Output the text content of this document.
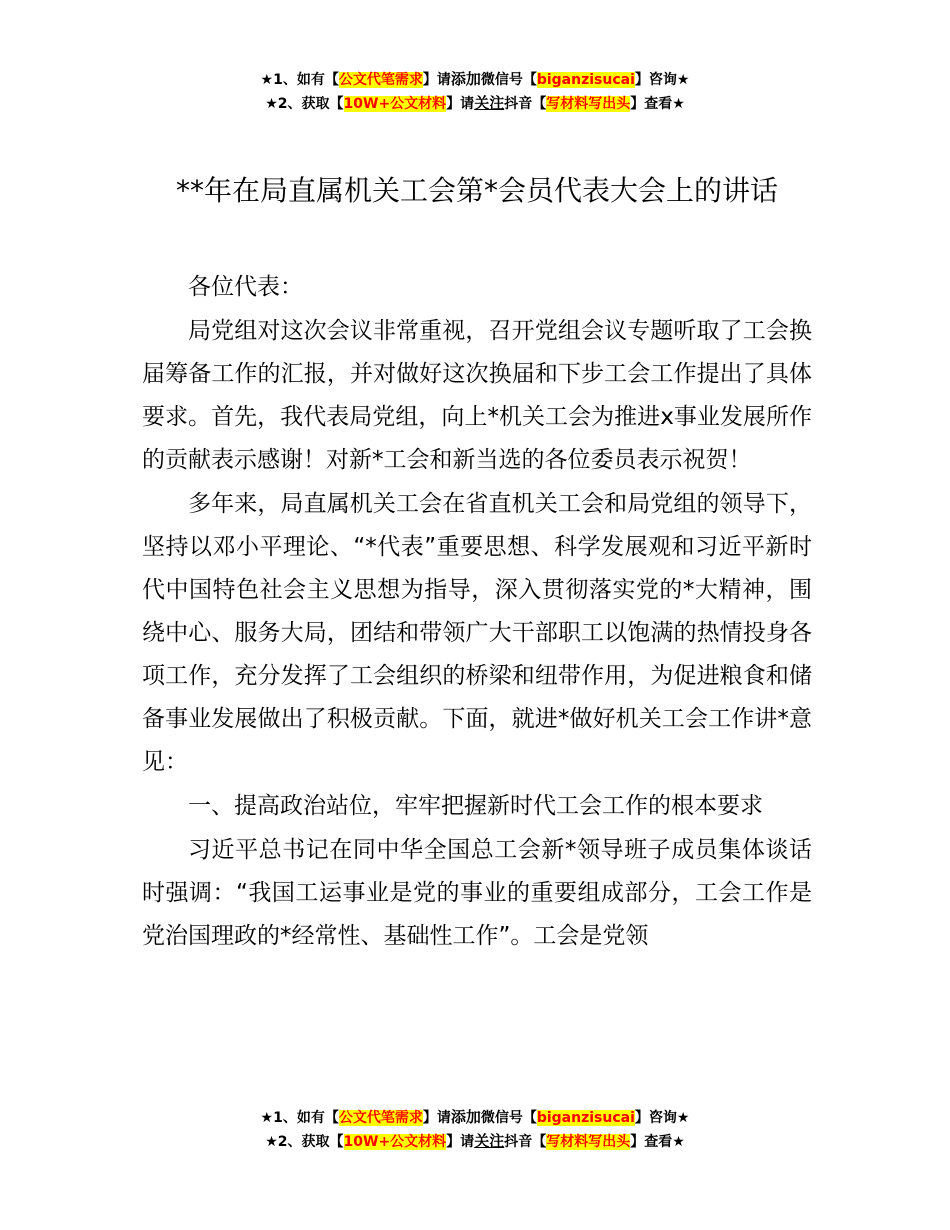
★1、如有【公文代笔需求】请添加微信号【biganzisucai】咨询★
★2、获取【10W+公文材料】请关注抖音【写材料写出头】查看★
**年在局直属机关工会第*会员代表大会上的讲话

各位代表：

局党组对这次会议非常重视，召开党组会议专题听取了工会换届筹备工作的汇报，并对做好这次换届和下步工会工作提出了具体要求。首先，我代表局党组，向上*机关工会为推进x事业发展所作的贡献表示感谢！对新*工会和新当选的各位委员表示祝贺！

多年来，局直属机关工会在省直机关工会和局党组的领导下，坚持以邓小平理论、“*代表”重要思想、科学发展观和习近平新时代中国特色社会主义思想为指导，深入贯彻落实党的*大精神，围绕中心、服务大局，团结和带领广大干部职工以饱满的热情投身各项工作，充分发挥了工会组织的桥梁和纽带作用，为促进粮食和储备事业发展做出了积极贡献。下面，就进*做好机关工会工作讲*意见：

一、提高政治站位，牢牢把握新时代工会工作的根本要求

习近平总书记在同中华全国总工会新*领导班子成员集体谈话时强调：“我国工运事业是党的事业的重要组成部分，工会工作是党治国理政的*经常性、基础性工作”。工会是党领

★1、如有【公文代笔需求】请添加微信号【biganzisucai】咨询★
★2、获取【10W+公文材料】请关注抖音【写材料写出头】查看★
